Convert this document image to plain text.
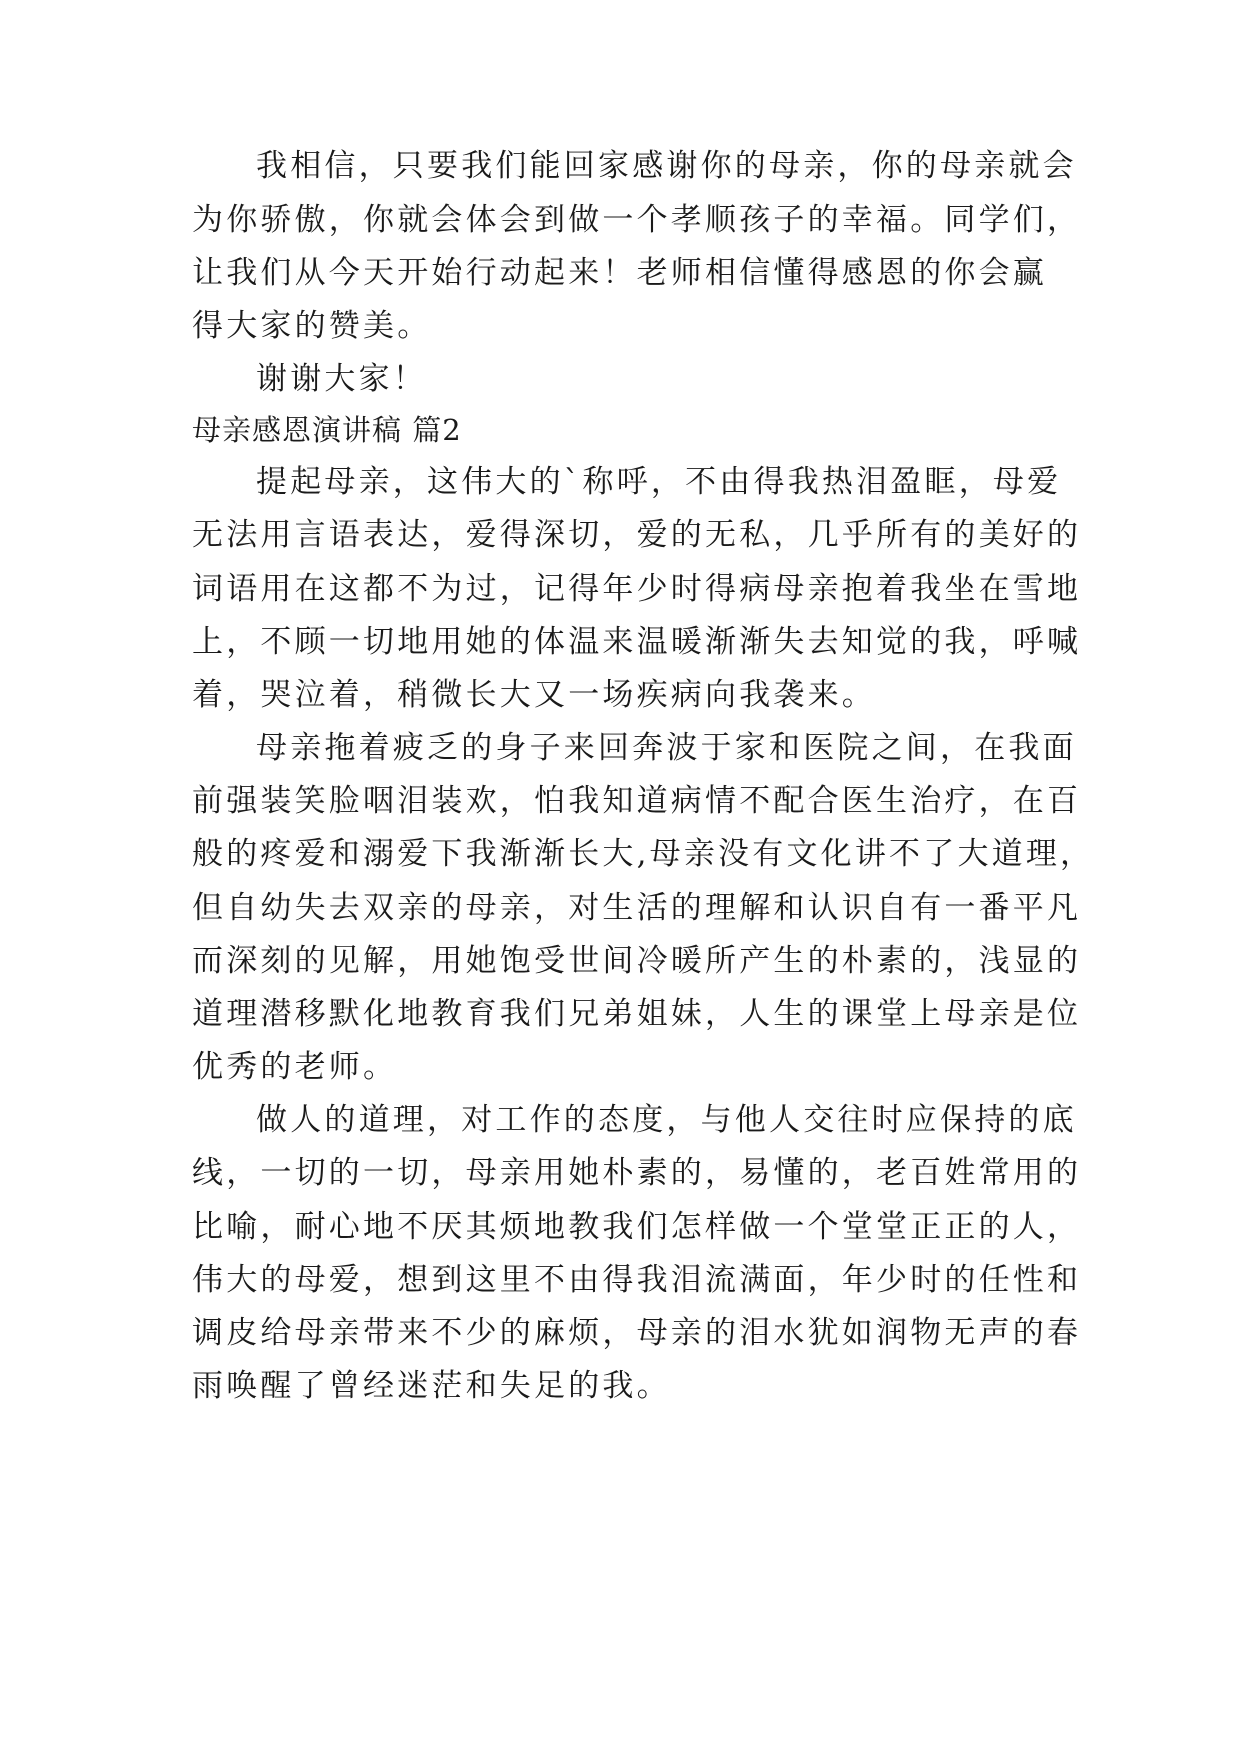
我相信，只要我们能回家感谢你的母亲，你的母亲就会
为你骄傲，你就会体会到做一个孝顺孩子的幸福。同学们，
让我们从今天开始行动起来！老师相信懂得感恩的你会赢
得大家的赞美。
谢谢大家！
母亲感恩演讲稿 篇2
提起母亲，这伟大的`称呼，不由得我热泪盈眶，母爱
无法用言语表达，爱得深切，爱的无私，几乎所有的美好的
词语用在这都不为过，记得年少时得病母亲抱着我坐在雪地
上，不顾一切地用她的体温来温暖渐渐失去知觉的我，呼喊
着，哭泣着，稍微长大又一场疾病向我袭来。
母亲拖着疲乏的身子来回奔波于家和医院之间，在我面
前强装笑脸咽泪装欢，怕我知道病情不配合医生治疗，在百
般的疼爱和溺爱下我渐渐长大,母亲没有文化讲不了大道理，
但自幼失去双亲的母亲，对生活的理解和认识自有一番平凡
而深刻的见解，用她饱受世间冷暖所产生的朴素的，浅显的
道理潜移默化地教育我们兄弟姐妹，人生的课堂上母亲是位
优秀的老师。
做人的道理，对工作的态度，与他人交往时应保持的底
线，一切的一切，母亲用她朴素的，易懂的，老百姓常用的
比喻，耐心地不厌其烦地教我们怎样做一个堂堂正正的人，
伟大的母爱，想到这里不由得我泪流满面，年少时的任性和
调皮给母亲带来不少的麻烦，母亲的泪水犹如润物无声的春
雨唤醒了曾经迷茫和失足的我。
